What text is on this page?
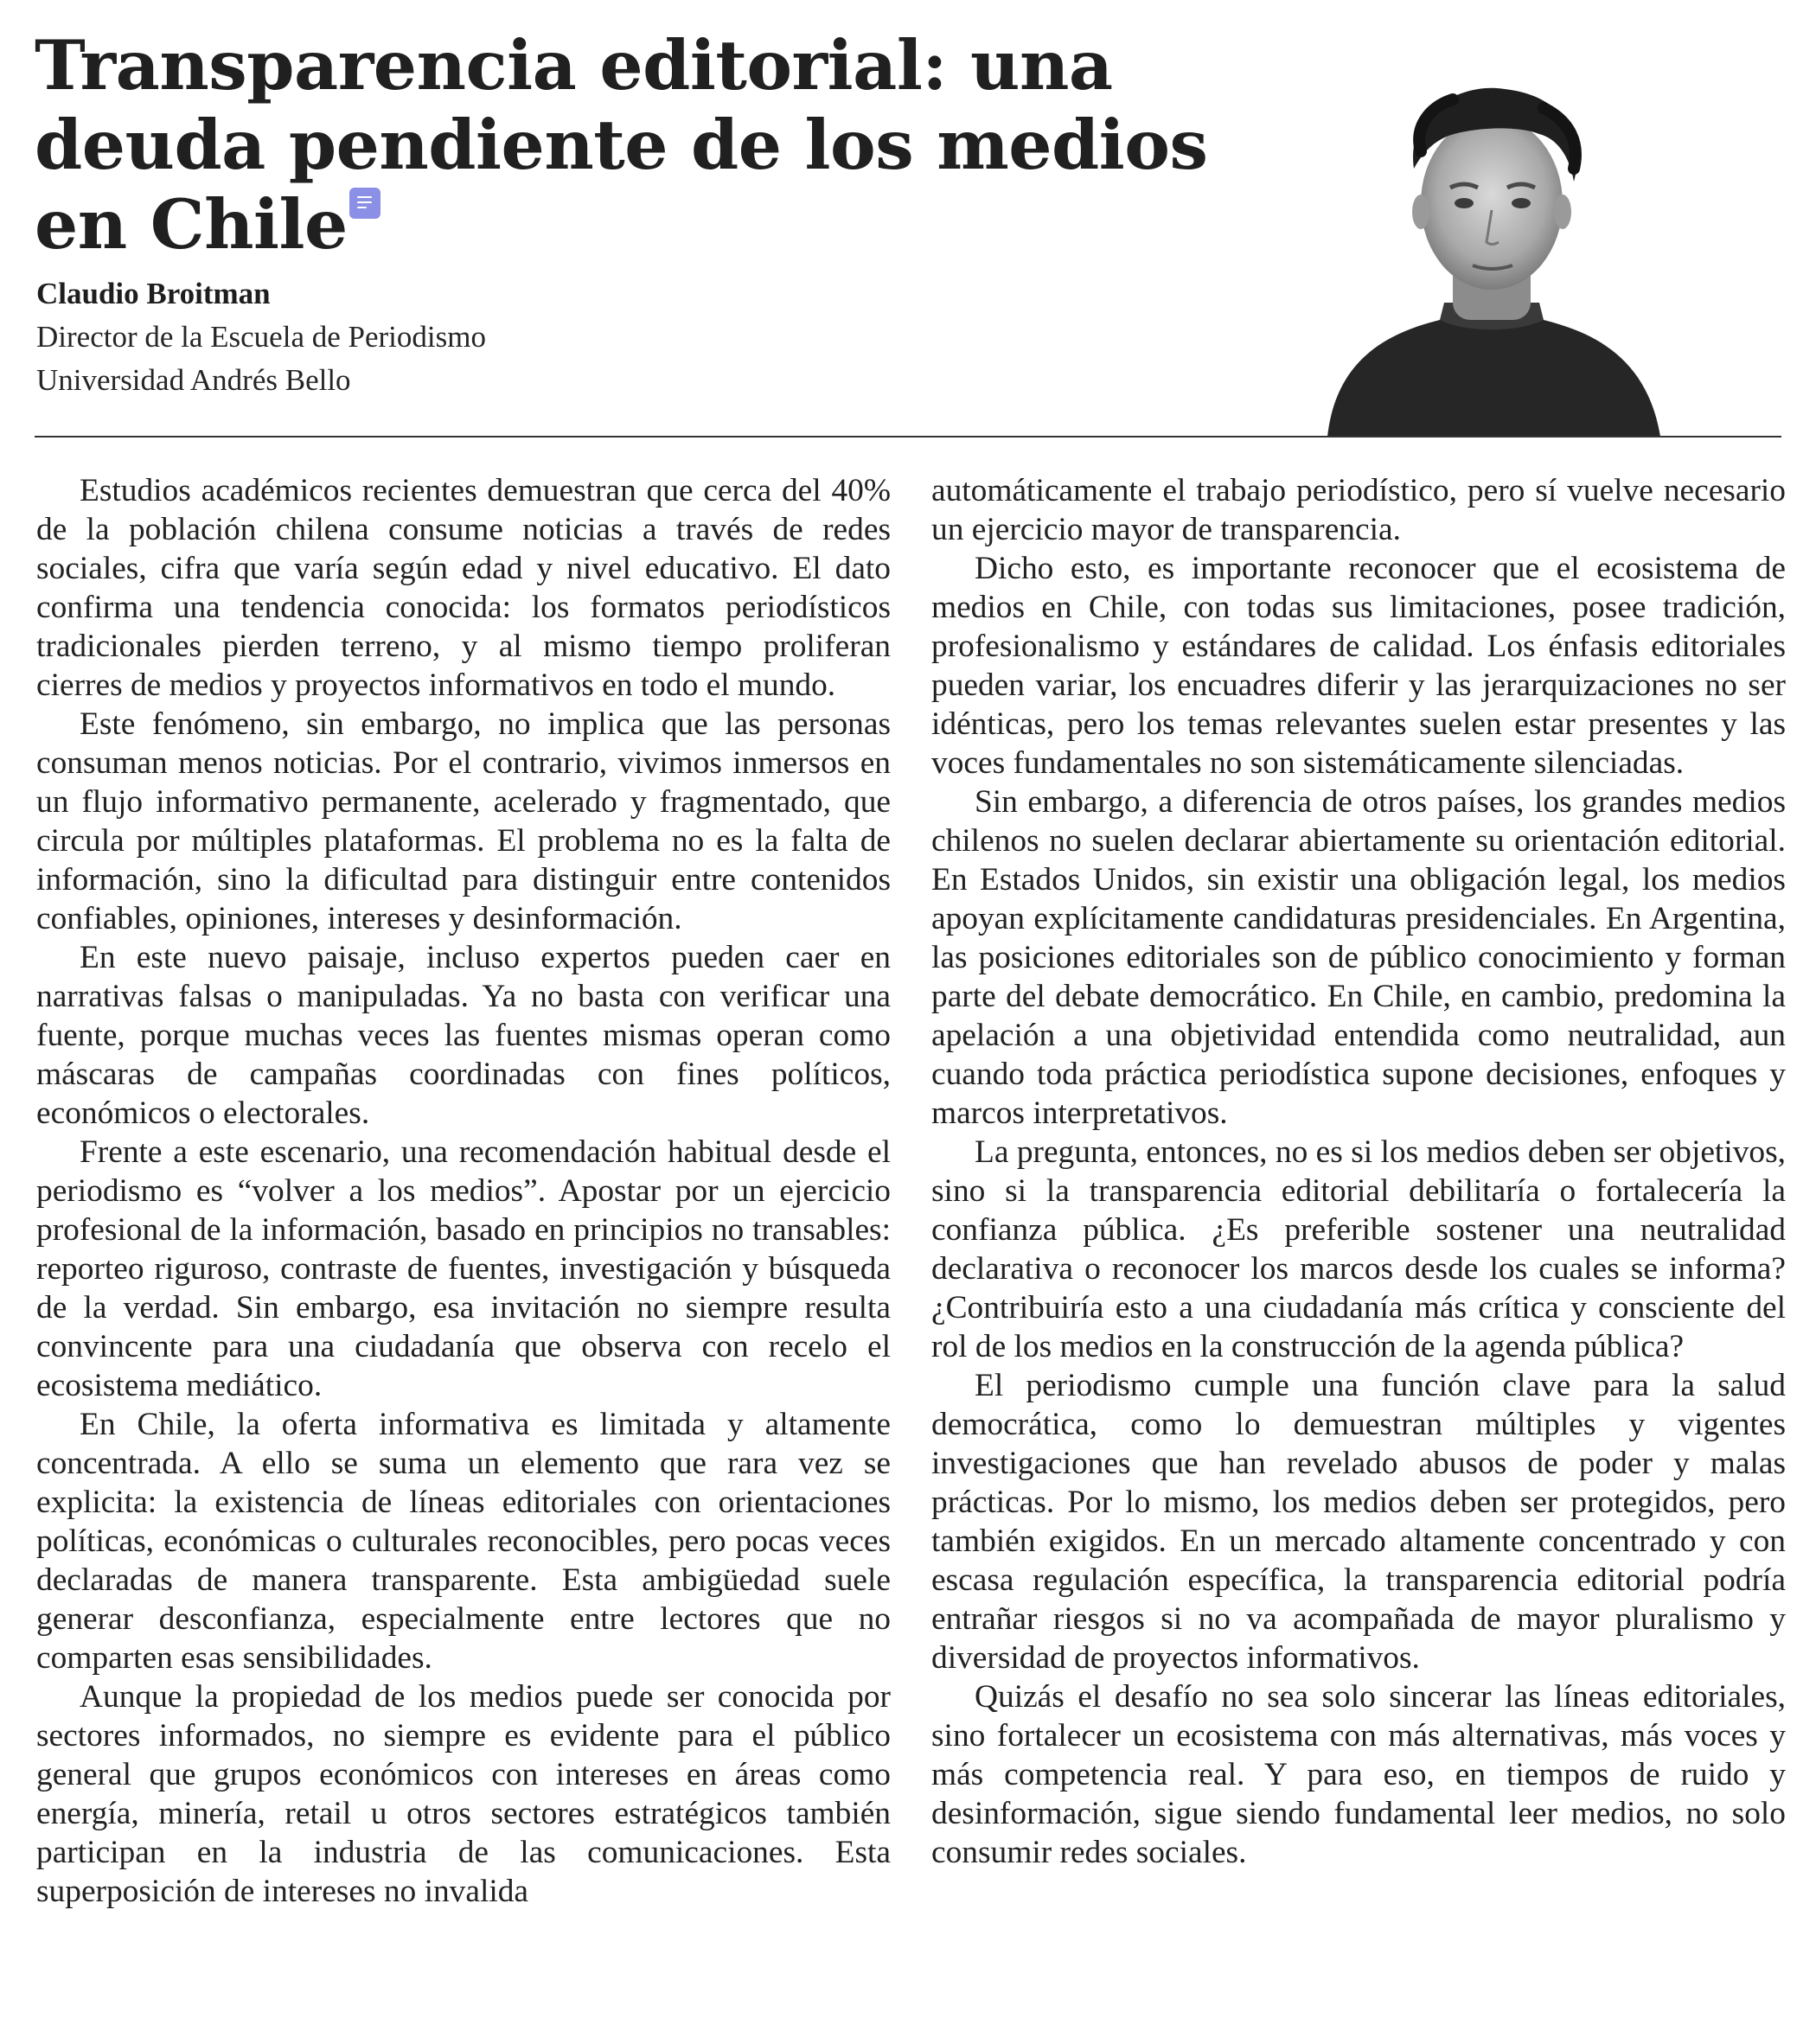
Transparencia editorial: una deuda pendiente de los medios en Chile
Claudio Broitman
Director de la Escuela de Periodismo
Universidad Andrés Bello

Estudios académicos recientes demuestran que cerca del 40% de la población chilena consume noticias a través de redes sociales, cifra que varía según edad y nivel educativo. El dato confirma una tendencia conocida: los formatos periodísticos tradicionales pierden terreno, y al mismo tiempo proliferan cierres de medios y proyectos informativos en todo el mundo.

Este fenómeno, sin embargo, no implica que las personas consuman menos noticias. Por el contrario, vivimos inmersos en un flujo informativo permanente, acelerado y fragmentado, que circula por múltiples plataformas. El problema no es la falta de información, sino la dificultad para distinguir entre contenidos confiables, opiniones, intereses y desinformación.

En este nuevo paisaje, incluso expertos pueden caer en narrativas falsas o manipuladas. Ya no basta con verificar una fuente, porque muchas veces las fuentes mismas operan como máscaras de campañas coordinadas con fines políticos, económicos o electorales.

Frente a este escenario, una recomendación habitual desde el periodismo es “volver a los medios”. Apostar por un ejercicio profesional de la información, basado en principios no transables: reporteo riguroso, contraste de fuentes, investigación y búsqueda de la verdad. Sin embargo, esa invitación no siempre resulta convincente para una ciudadanía que observa con recelo el ecosistema mediático.

En Chile, la oferta informativa es limitada y altamente concentrada. A ello se suma un elemento que rara vez se explicita: la existencia de líneas editoriales con orientaciones políticas, económicas o culturales reconocibles, pero pocas veces declaradas de manera transparente. Esta ambigüedad suele generar desconfianza, especialmente entre lectores que no comparten esas sensibilidades.

Aunque la propiedad de los medios puede ser conocida por sectores informados, no siempre es evidente para el público general que grupos económicos con intereses en áreas como energía, minería, retail u otros sectores estratégicos también participan en la industria de las comunicaciones. Esta superposición de intereses no invalida

automáticamente el trabajo periodístico, pero sí vuelve necesario un ejercicio mayor de transparencia.

Dicho esto, es importante reconocer que el ecosistema de medios en Chile, con todas sus limitaciones, posee tradición, profesionalismo y estándares de calidad. Los énfasis editoriales pueden variar, los encuadres diferir y las jerarquizaciones no ser idénticas, pero los temas relevantes suelen estar presentes y las voces fundamentales no son sistemáticamente silenciadas.

Sin embargo, a diferencia de otros países, los grandes medios chilenos no suelen declarar abiertamente su orientación editorial. En Estados Unidos, sin existir una obligación legal, los medios apoyan explícitamente candidaturas presidenciales. En Argentina, las posiciones editoriales son de público conocimiento y forman parte del debate democrático. En Chile, en cambio, predomina la apelación a una objetividad entendida como neutralidad, aun cuando toda práctica periodística supone decisiones, enfoques y marcos interpretativos.

La pregunta, entonces, no es si los medios deben ser objetivos, sino si la transparencia editorial debilitaría o fortalecería la confianza pública. ¿Es preferible sostener una neutralidad declarativa o reconocer los marcos desde los cuales se informa? ¿Contribuiría esto a una ciudadanía más crítica y consciente del rol de los medios en la construcción de la agenda pública?

El periodismo cumple una función clave para la salud democrática, como lo demuestran múltiples y vigentes investigaciones que han revelado abusos de poder y malas prácticas. Por lo mismo, los medios deben ser protegidos, pero también exigidos. En un mercado altamente concentrado y con escasa regulación específica, la transparencia editorial podría entrañar riesgos si no va acompañada de mayor pluralismo y diversidad de proyectos informativos.

Quizás el desafío no sea solo sincerar las líneas editoriales, sino fortalecer un ecosistema con más alternativas, más voces y más competencia real. Y para eso, en tiempos de ruido y desinformación, sigue siendo fundamental leer medios, no solo consumir redes sociales.
